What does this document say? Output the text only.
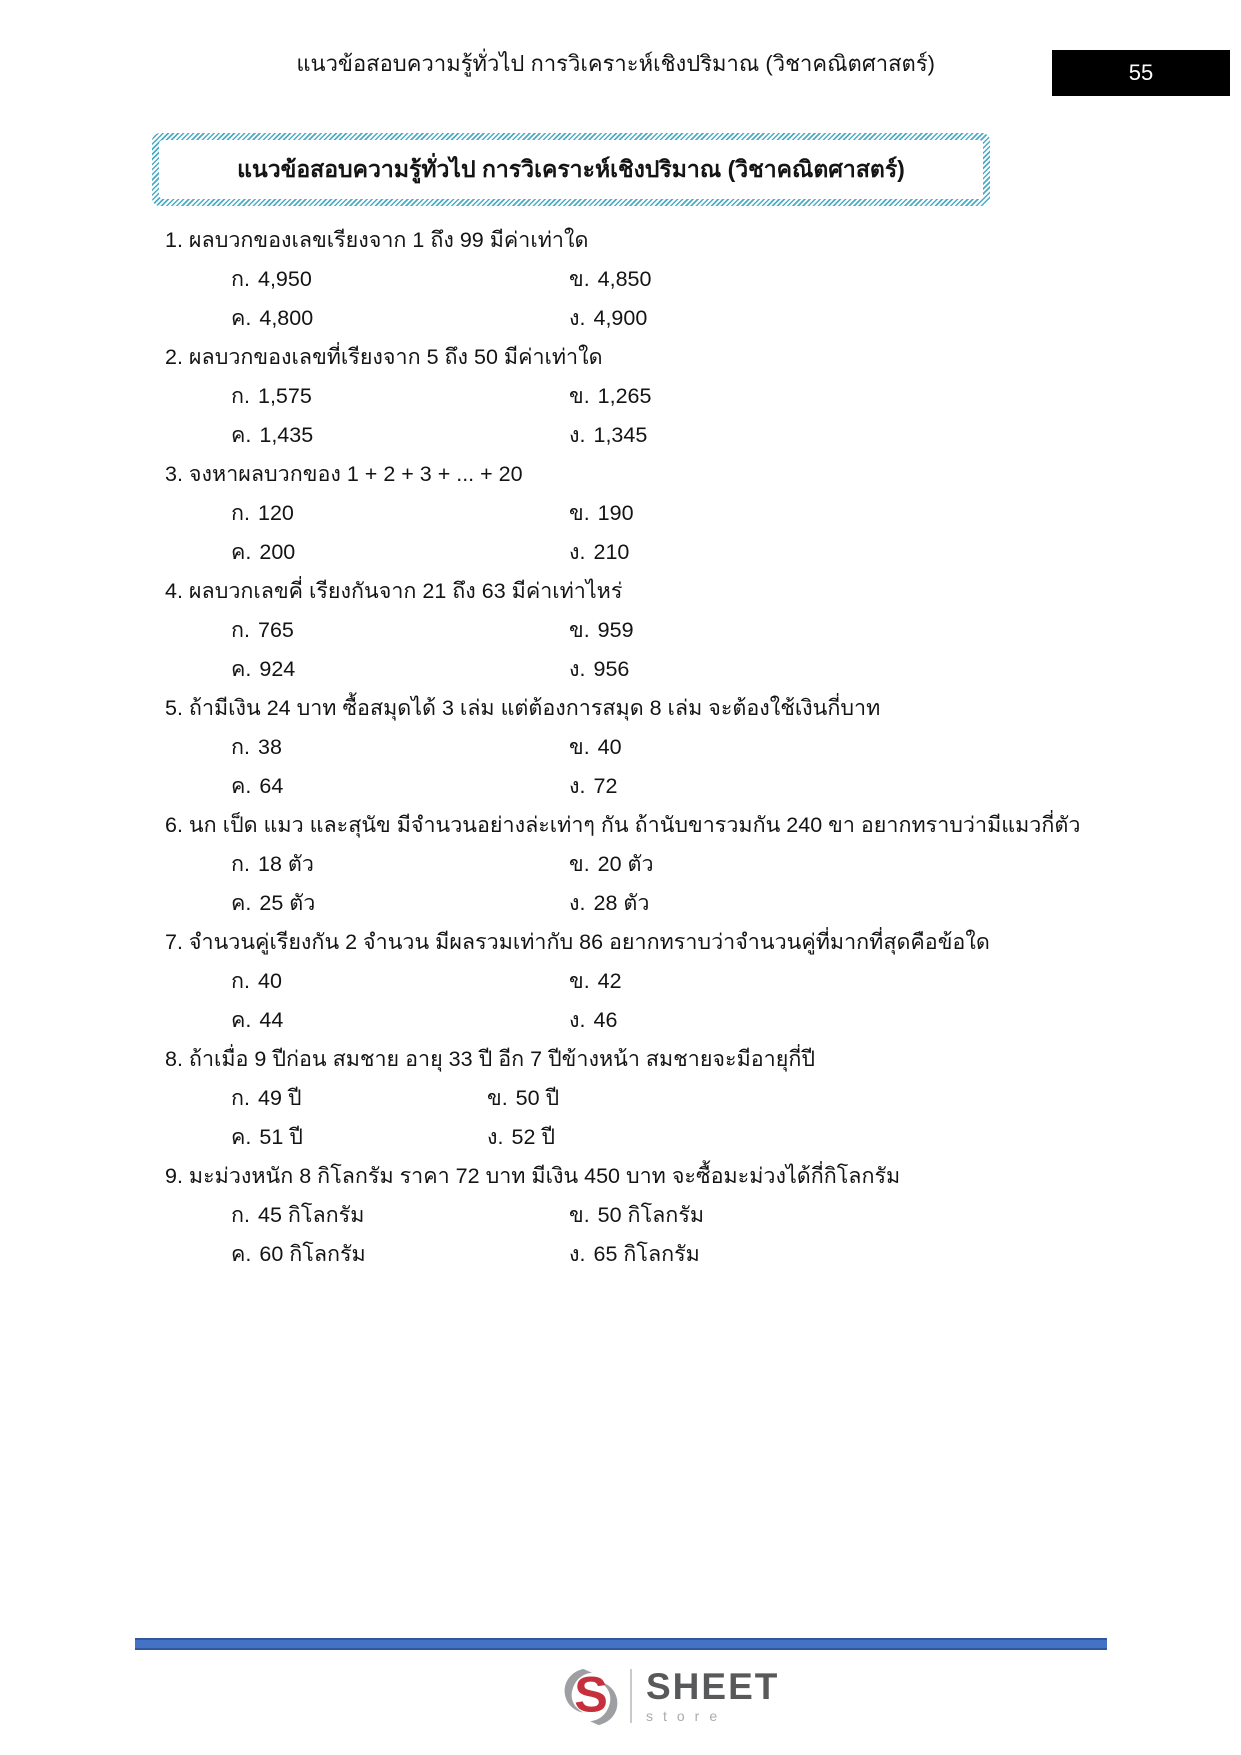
แนวข้อสอบความรู้ทั่วไป การวิเคราะห์เชิงปริมาณ (วิชาคณิตศาสตร์)	55
แนวข้อสอบความรู้ทั่วไป การวิเคราะห์เชิงปริมาณ (วิชาคณิตศาสตร์)
1. ผลบวกของเลขเรียงจาก 1 ถึง 99 มีค่าเท่าใด
ก. 4,950	ข. 4,850
ค. 4,800	ง. 4,900
2. ผลบวกของเลขที่เรียงจาก 5 ถึง 50 มีค่าเท่าใด
ก. 1,575	ข. 1,265
ค. 1,435	ง. 1,345
3. จงหาผลบวกของ 1 + 2 + 3 + ... + 20
ก. 120	ข. 190
ค. 200	ง. 210
4. ผลบวกเลขคี่ เรียงกันจาก 21 ถึง 63 มีค่าเท่าไหร่
ก. 765	ข. 959
ค. 924	ง. 956
5. ถ้ามีเงิน 24 บาท ซื้อสมุดได้ 3 เล่ม แต่ต้องการสมุด 8 เล่ม จะต้องใช้เงินกี่บาท
ก. 38	ข. 40
ค. 64	ง. 72
6. นก เป็ด แมว และสุนัข มีจำนวนอย่างล่ะเท่าๆ กัน ถ้านับขารวมกัน 240 ขา อยากทราบว่ามีแมวกี่ตัว
ก. 18 ตัว	ข. 20 ตัว
ค. 25 ตัว	ง. 28 ตัว
7. จำนวนคู่เรียงกัน 2 จำนวน มีผลรวมเท่ากับ 86 อยากทราบว่าจำนวนคู่ที่มากที่สุดคือข้อใด
ก. 40	ข. 42
ค. 44	ง. 46
8. ถ้าเมื่อ 9 ปีก่อน สมชาย อายุ 33 ปี อีก 7 ปีข้างหน้า สมชายจะมีอายุกี่ปี
ก. 49 ปี	ข. 50 ปี
ค. 51 ปี	ง. 52 ปี
9. มะม่วงหนัก 8 กิโลกรัม ราคา 72 บาท มีเงิน 450 บาท จะซื้อมะม่วงได้กี่กิโลกรัม
ก. 45 กิโลกรัม	ข. 50 กิโลกรัม
ค. 60 กิโลกรัม	ง. 65 กิโลกรัม
S SHEET
store
